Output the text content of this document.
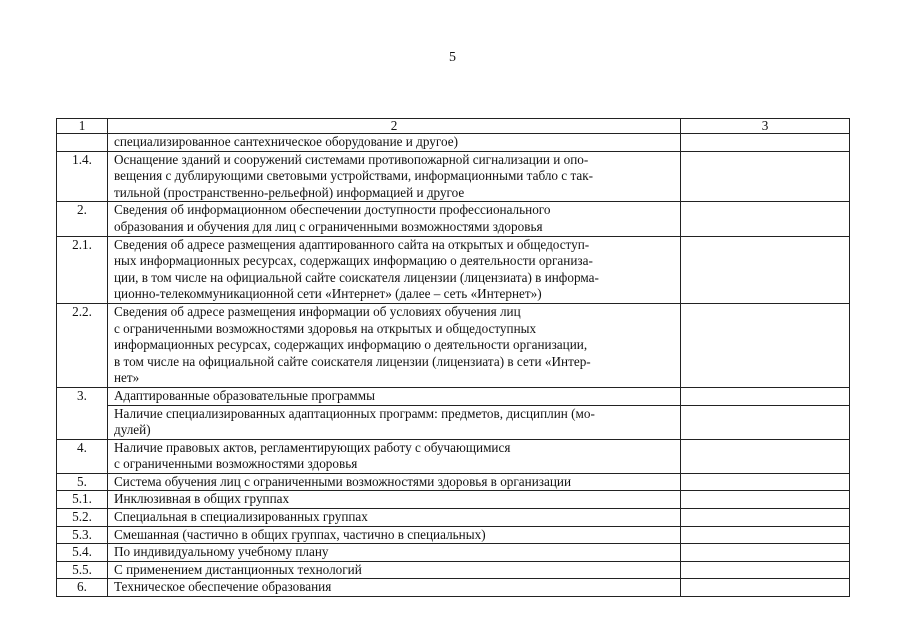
5
1	2	3
	специализированное сантехническое оборудование и другое)	
1.4.	Оснащение зданий и сооружений системами противопожарной сигнализации и опо-
вещения с дублирующими световыми устройствами, информационными табло с так-
тильной (пространственно-рельефной) информацией и другое	
2.	Сведения об информационном обеспечении доступности профессионального
образования и обучения для лиц с ограниченными возможностями здоровья	
2.1.	Сведения об адресе размещения адаптированного сайта на открытых и общедоступ-
ных информационных ресурсах, содержащих информацию о деятельности организа-
ции, в том числе на официальной сайте соискателя лицензии (лицензиата) в информа-
ционно-телекоммуникационной сети «Интернет» (далее – сеть «Интернет»)	
2.2.	Сведения об адресе размещения информации об условиях обучения лиц
с ограниченными возможностями здоровья на открытых и общедоступных
информационных ресурсах, содержащих информацию о деятельности организации,
в том числе на официальной сайте соискателя лицензии (лицензиата) в сети «Интер-
нет»	
3.	Адаптированные образовательные программы	
	Наличие специализированных адаптационных программ: предметов, дисциплин (мо-
дулей)	
4.	Наличие правовых актов, регламентирующих работу с обучающимися
с ограниченными возможностями здоровья	
5.	Система обучения лиц с ограниченными возможностями здоровья в организации	
5.1.	Инклюзивная в общих группах	
5.2.	Специальная в специализированных группах	
5.3.	Смешанная (частично в общих группах, частично в специальных)	
5.4.	По индивидуальному учебному плану	
5.5.	С применением дистанционных технологий	
6.	Техническое обеспечение образования	
